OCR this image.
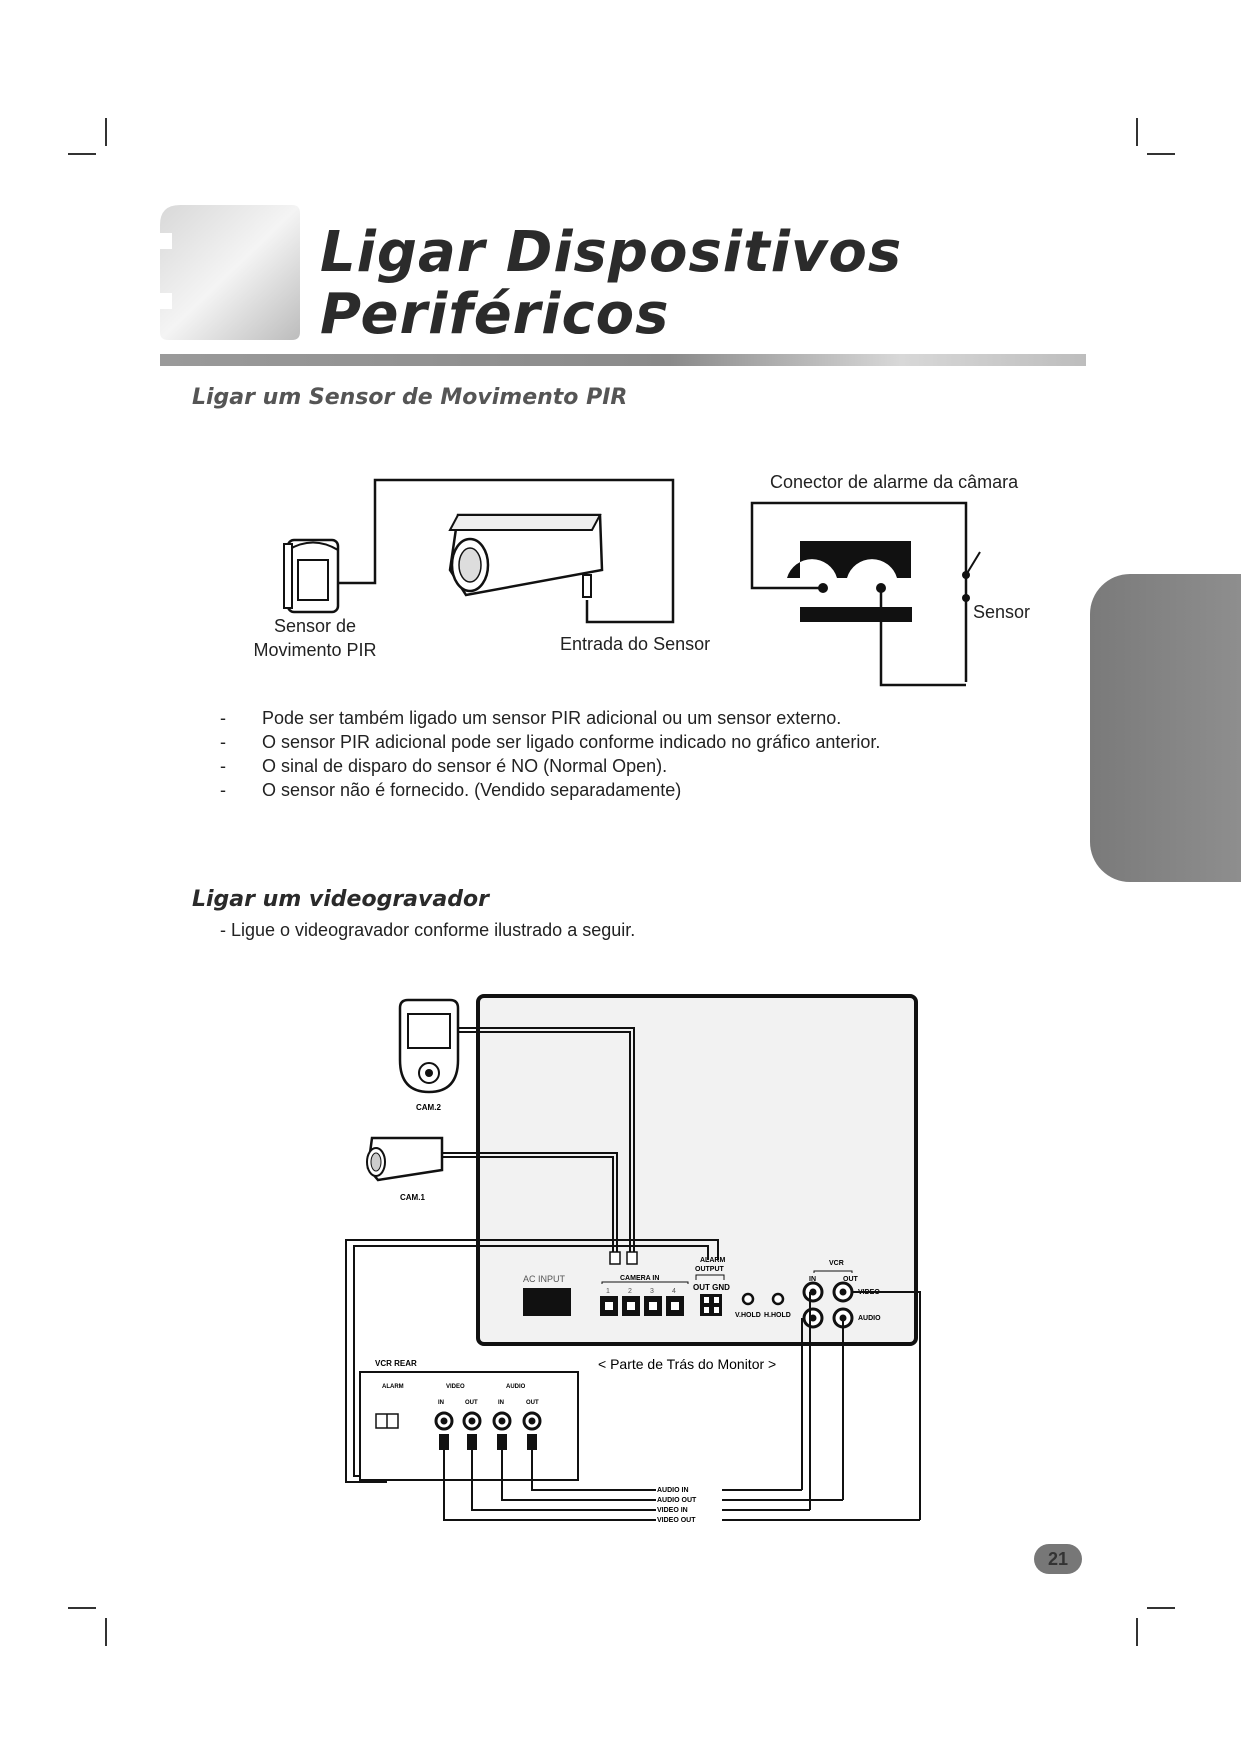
Ligar Dispositivos
Periféricos
Ligar um Sensor de Movimento PIR
Sensor de
Movimento PIR	Entrada do Sensor
Conector de alarme da câmara
Sensor
-	Pode ser também ligado um sensor PIR adicional ou um sensor externo.
-	O sensor PIR adicional pode ser ligado conforme indicado no gráfico anterior.
-	O sinal de disparo do sensor é NO (Normal Open).
-	O sensor não é fornecido. (Vendido separadamente)
Ligar um videogravador
- Ligue o videogravador conforme ilustrado a seguir.
CAM.2
CAM.1
AC INPUT	CAMERA IN
1	2	3	4
ALARM
OUTPUT
OUT GND
V.HOLD H.HOLD
VCR
IN	OUT
VIDEO
AUDIO
< Parte de Trás do Monitor >
VCR REAR
ALARM	VIDEO	AUDIO
IN	OUT	IN	OUT
AUDIO IN
AUDIO OUT
VIDEO IN
VIDEO OUT
21
